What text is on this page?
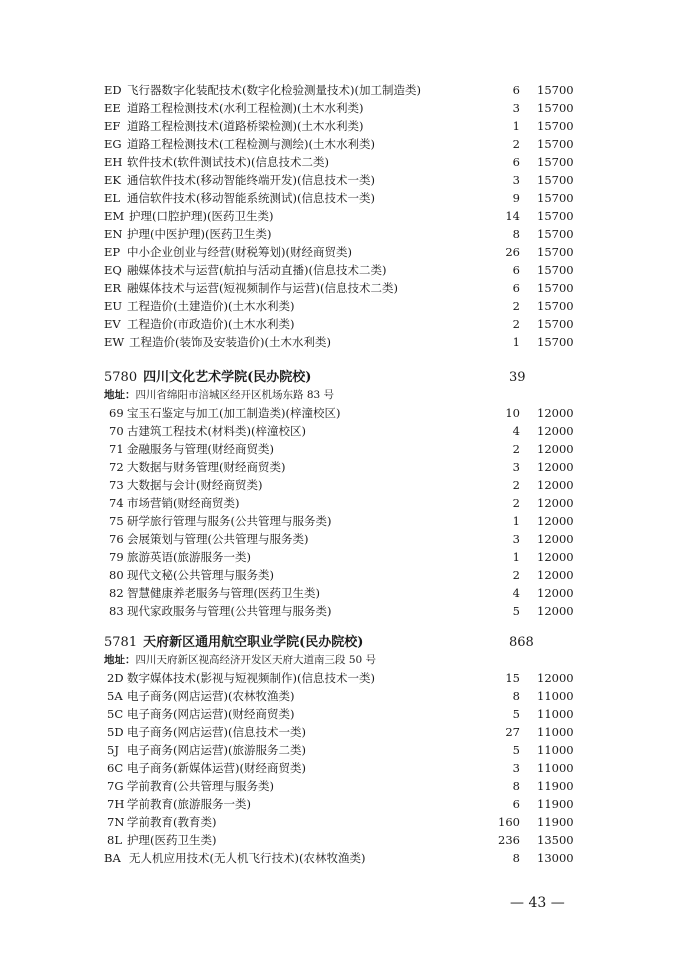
ED 飞行器数字化装配技术(数字化检验测量技术)(加工制造类)	6 15700
EE 道路工程检测技术(水利工程检测)(土木水利类)	3 15700
EF 道路工程检测技术(道路桥梁检测)(土木水利类)	1 15700
EG 道路工程检测技术(工程检测与测绘)(土木水利类)	2 15700
EH 软件技术(软件测试技术)(信息技术二类)	6 15700
EK 通信软件技术(移动智能终端开发)(信息技术一类)	3 15700
EL 通信软件技术(移动智能系统测试)(信息技术一类)	9 15700
EM 护理(口腔护理)(医药卫生类)	14 15700
EN 护理(中医护理)(医药卫生类)	8 15700
EP 中小企业创业与经营(财税筹划)(财经商贸类)	26 15700
EQ 融媒体技术与运营(航拍与活动直播)(信息技术二类)	6 15700
ER 融媒体技术与运营(短视频制作与运营)(信息技术二类)	6 15700
EU 工程造价(土建造价)(土木水利类)	2 15700
EV 工程造价(市政造价)(土木水利类)	2 15700
EW 工程造价(装饰及安装造价)(土木水利类)	1 15700
5780 四川文化艺术学院(民办院校)	39
地址：四川省绵阳市涪城区经开区机场东路 83 号
69 宝玉石鉴定与加工(加工制造类)(梓潼校区)	10 12000
70 古建筑工程技术(材料类)(梓潼校区)	4 12000
71 金融服务与管理(财经商贸类)	2 12000
72 大数据与财务管理(财经商贸类)	3 12000
73 大数据与会计(财经商贸类)	2 12000
74 市场营销(财经商贸类)	2 12000
75 研学旅行管理与服务(公共管理与服务类)	1 12000
76 会展策划与管理(公共管理与服务类)	3 12000
79 旅游英语(旅游服务一类)	1 12000
80 现代文秘(公共管理与服务类)	2 12000
82 智慧健康养老服务与管理(医药卫生类)	4 12000
83 现代家政服务与管理(公共管理与服务类)	5 12000
5781 天府新区通用航空职业学院(民办院校)	868
地址：四川天府新区视高经济开发区天府大道南三段 50 号
2D 数字媒体技术(影视与短视频制作)(信息技术一类)	15 12000
5A 电子商务(网店运营)(农林牧渔类)	8 11000
5C 电子商务(网店运营)(财经商贸类)	5 11000
5D 电子商务(网店运营)(信息技术一类)	27 11000
5J 电子商务(网店运营)(旅游服务二类)	5 11000
6C 电子商务(新媒体运营)(财经商贸类)	3 11000
7G 学前教育(公共管理与服务类)	8 11900
7H 学前教育(旅游服务一类)	6 11900
7N 学前教育(教育类)	160 11900
8L 护理(医药卫生类)	236 13500
BA 无人机应用技术(无人机飞行技术)(农林牧渔类)	8 13000
— 43 —
